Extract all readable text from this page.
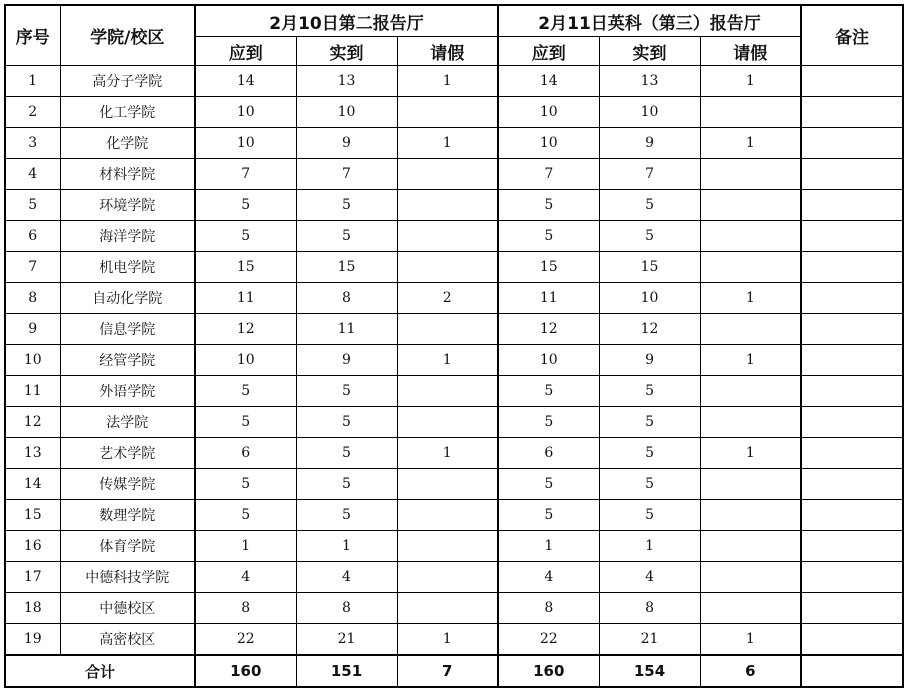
序号	学院/校区	2月10日第二报告厅			2月11日英科（第三）报告厅			备注
		应到	实到	请假	应到	实到	请假	
1	高分子学院	14	13	1	14	13	1	
2	化工学院	10	10		10	10		
3	化学院	10	9	1	10	9	1	
4	材料学院	7	7		7	7		
5	环境学院	5	5		5	5		
6	海洋学院	5	5		5	5		
7	机电学院	15	15		15	15		
8	自动化学院	11	8	2	11	10	1	
9	信息学院	12	11		12	12		
10	经管学院	10	9	1	10	9	1	
11	外语学院	5	5		5	5		
12	法学院	5	5		5	5		
13	艺术学院	6	5	1	6	5	1	
14	传媒学院	5	5		5	5		
15	数理学院	5	5		5	5		
16	体育学院	1	1		1	1		
17	中德科技学院	4	4		4	4		
18	中德校区	8	8		8	8		
19	高密校区	22	21	1	22	21	1	
合计		160	151	7	160	154	6	
